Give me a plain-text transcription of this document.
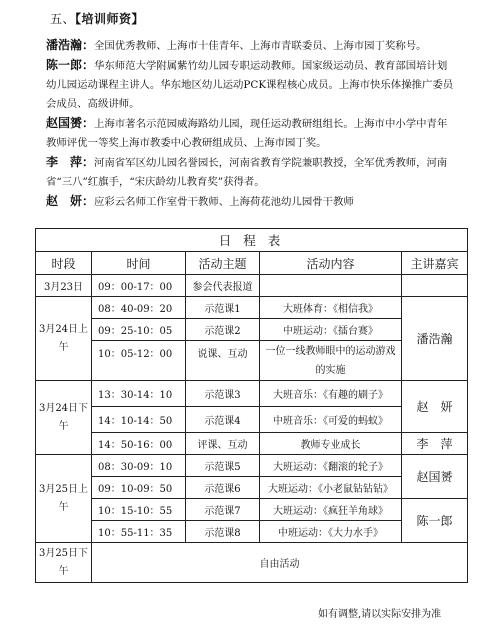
五、【培训师资】
潘浩瀚：全国优秀教师、上海市十佳青年、上海市青联委员、上海市园丁奖称号。
陈一郎：华东师范大学附属紫竹幼儿园专职运动教师。国家级运动员、教育部国培计划幼儿园运动课程主讲人。华东地区幼儿运动PCK课程核心成员。上海市快乐体操推广委员会成员、高级讲师。
赵国赟：上海市著名示范园威海路幼儿园，现任运动教研组组长。上海市中小学中青年教师评优一等奖上海市教委中心教研组成员、上海市园丁奖。
李　萍：河南省军区幼儿园名誉园长，河南省教育学院兼职教授，全军优秀教师，河南省“三八”红旗手，“宋庆龄幼儿教育奖”获得者。
赵　妍：应彩云名师工作室骨干教师、上海荷花池幼儿园骨干教师
日 程 表				
时段	时间	活动主题	活动内容	主讲嘉宾
3月23日	09：00-17：00	参会代表报道		
3月24日上午	08：40-09：20	示范课1	大班体育：《相信我》	潘浩瀚
	09：25-10：05	示范课2	中班运动：《擂台赛》	
	10：05-12：00	说课、互动	一位一线教师眼中的运动游戏的实施	
3月24日下午	13：30-14：10	示范课3	大班音乐：《有趣的刷子》	赵　妍
	14：10-14：50	示范课4	中班音乐：《可爱的蚂蚁》	
	14：50-16：00	评课、互动	教师专业成长	李　萍
3月25日上午	08：30-09：10	示范课5	大班运动：《翻滚的轮子》	赵国赟
	09：10-09：50	示范课6	大班运动：《小老鼠钻钻钻》	
	10：15-10：55	示范课7	大班运动：《疯狂羊角球》	陈一郎
	10：55-11：35	示范课8	中班运动：《大力水手》	
3月25日下午	自由活动			
如有调整,请以实际安排为准
